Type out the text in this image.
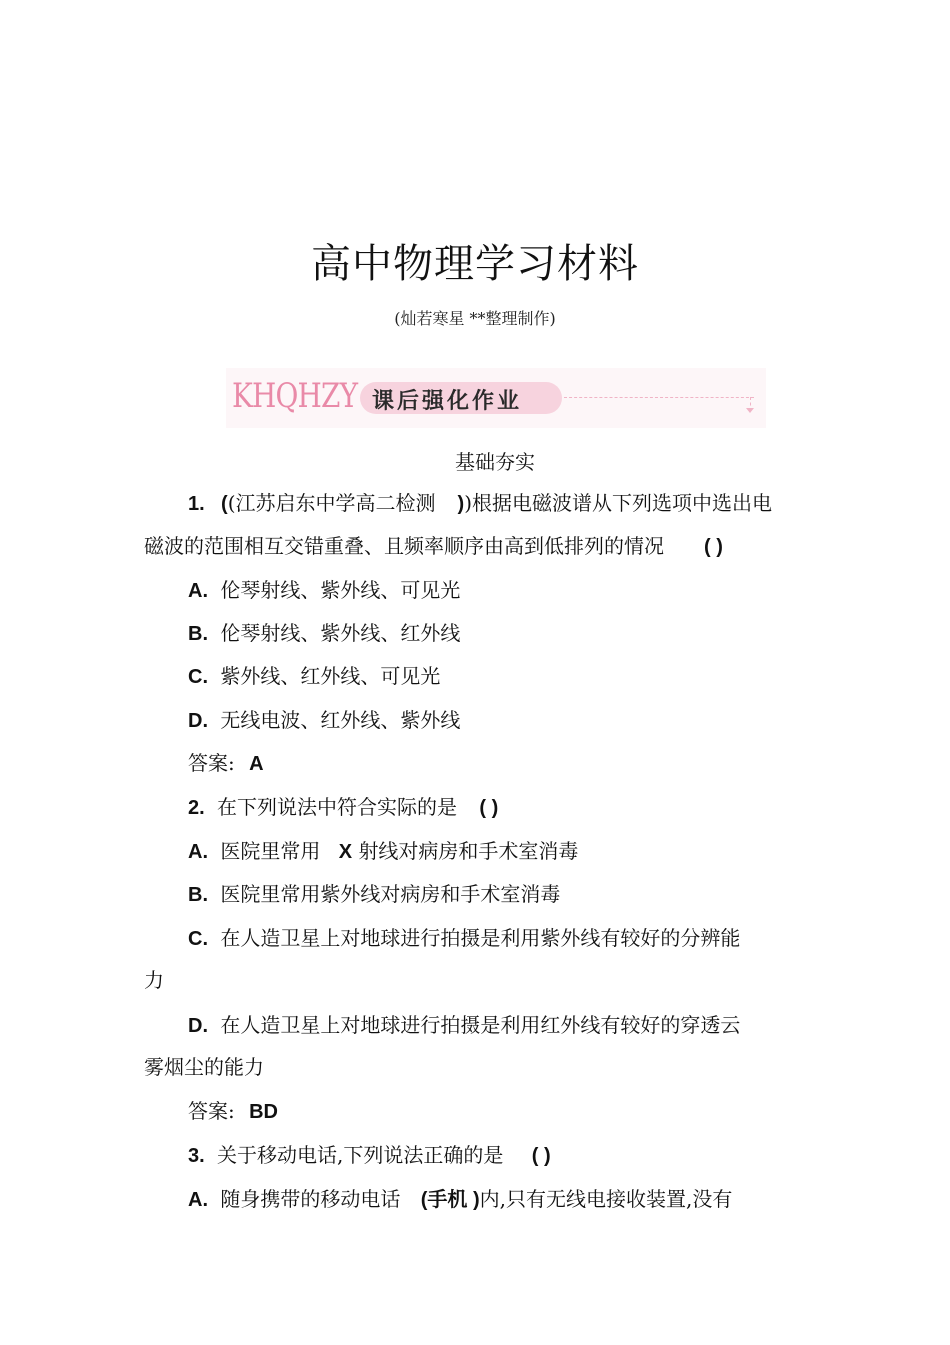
高中物理学习材料
(灿若寒星 **整理制作)
KHQHZY 课后强化作业
基础夯实
1. ((江苏启东中学高二检测 ))根据电磁波谱从下列选项中选出电
磁波的范围相互交错重叠、且频率顺序由高到低排列的情况 ( )
A. 伦琴射线、紫外线、可见光
B. 伦琴射线、紫外线、红外线
C. 紫外线、红外线、可见光
D. 无线电波、红外线、紫外线
答案: A
2. 在下列说法中符合实际的是 ( )
A. 医院里常用 X 射线对病房和手术室消毒
B. 医院里常用紫外线对病房和手术室消毒
C. 在人造卫星上对地球进行拍摄是利用紫外线有较好的分辨能
力
D. 在人造卫星上对地球进行拍摄是利用红外线有较好的穿透云
雾烟尘的能力
答案: BD
3. 关于移动电话,下列说法正确的是 ( )
A. 随身携带的移动电话 (手机 )内,只有无线电接收装置,没有
